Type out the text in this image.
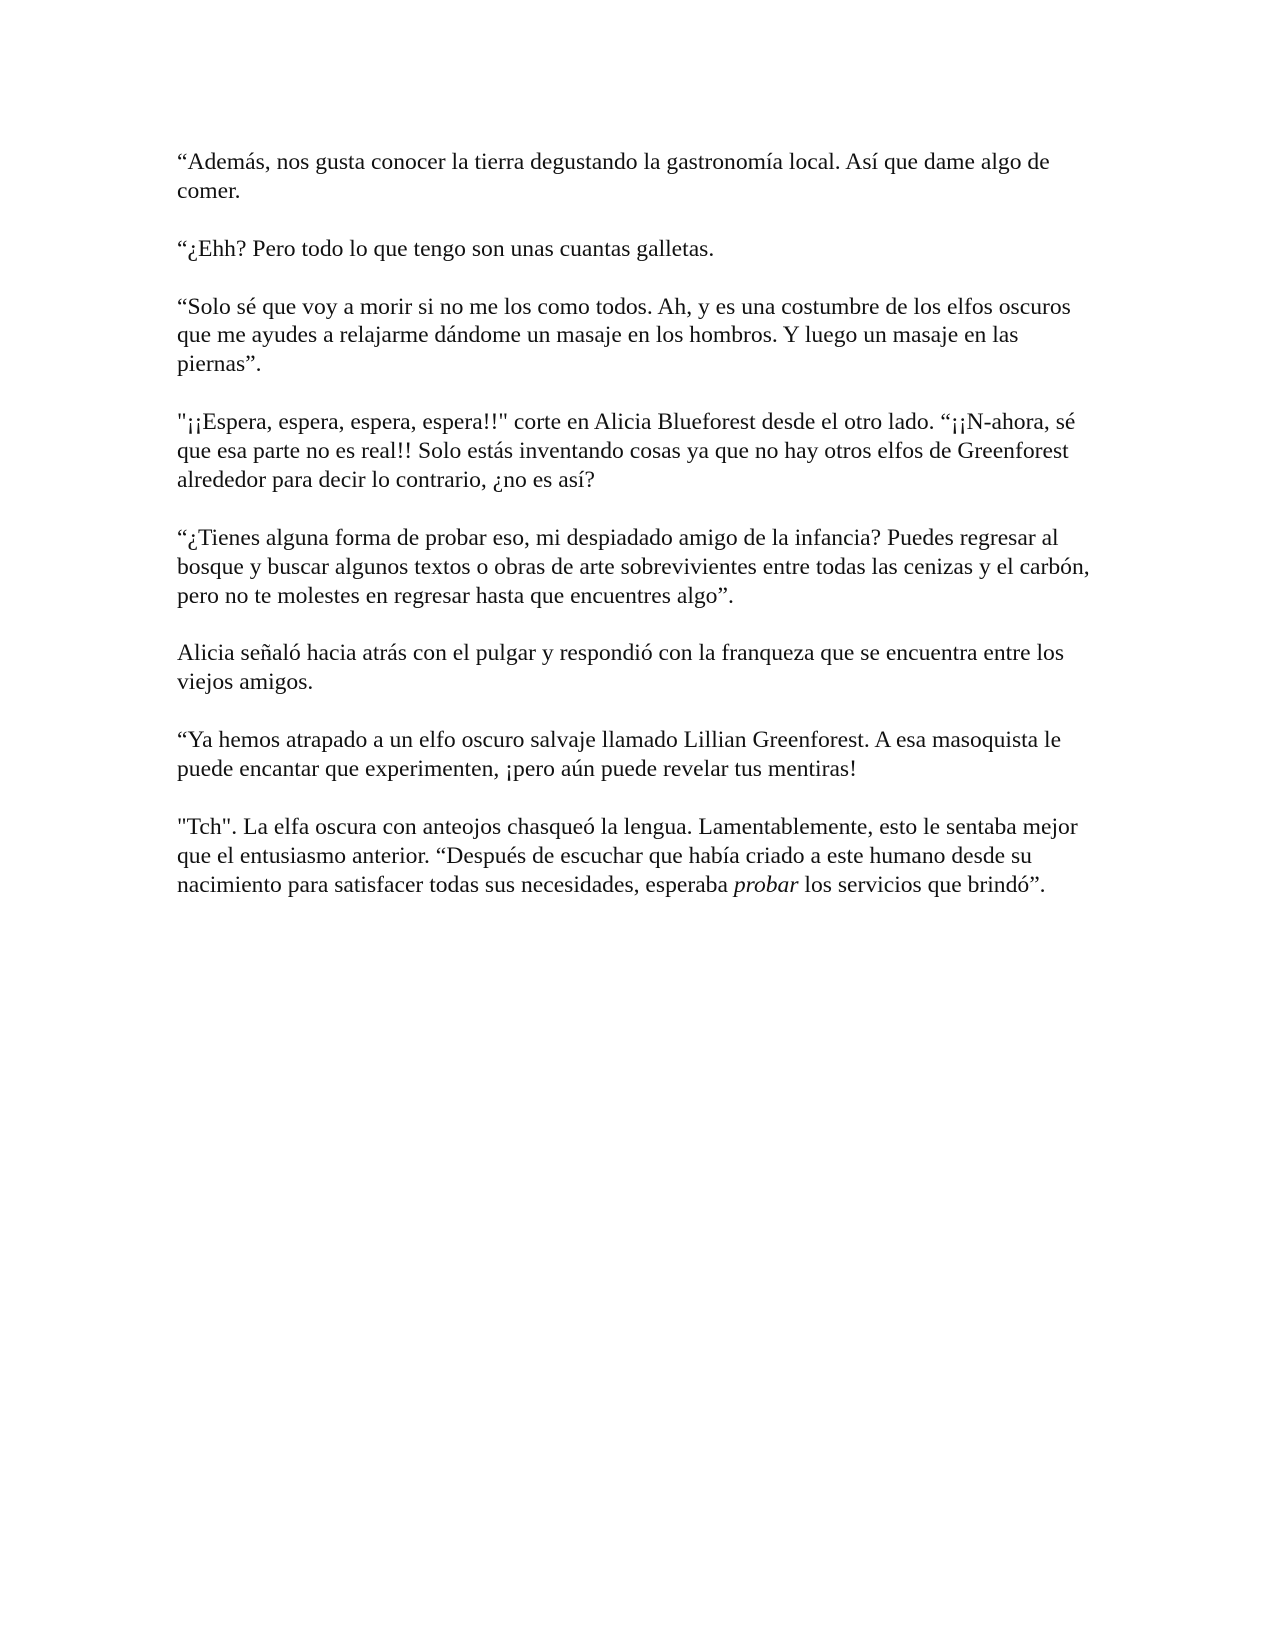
“Además, nos gusta conocer la tierra degustando la gastronomía local. Así que dame algo de comer.

“¿Ehh? Pero todo lo que tengo son unas cuantas galletas.

“Solo sé que voy a morir si no me los como todos. Ah, y es una costumbre de los elfos oscuros que me ayudes a relajarme dándome un masaje en los hombros. Y luego un masaje en las piernas”.

"¡¡Espera, espera, espera, espera!!" corte en Alicia Blueforest desde el otro lado. “¡¡N-ahora, sé que esa parte no es real!! Solo estás inventando cosas ya que no hay otros elfos de Greenforest alrededor para decir lo contrario, ¿no es así?

“¿Tienes alguna forma de probar eso, mi despiadado amigo de la infancia? Puedes regresar al bosque y buscar algunos textos o obras de arte sobrevivientes entre todas las cenizas y el carbón, pero no te molestes en regresar hasta que encuentres algo”.

Alicia señaló hacia atrás con el pulgar y respondió con la franqueza que se encuentra entre los viejos amigos.

“Ya hemos atrapado a un elfo oscuro salvaje llamado Lillian Greenforest. A esa masoquista le puede encantar que experimenten, ¡pero aún puede revelar tus mentiras!

"Tch". La elfa oscura con anteojos chasqueó la lengua. Lamentablemente, esto le sentaba mejor que el entusiasmo anterior. “Después de escuchar que había criado a este humano desde su nacimiento para satisfacer todas sus necesidades, esperaba probar los servicios que brindó”.
